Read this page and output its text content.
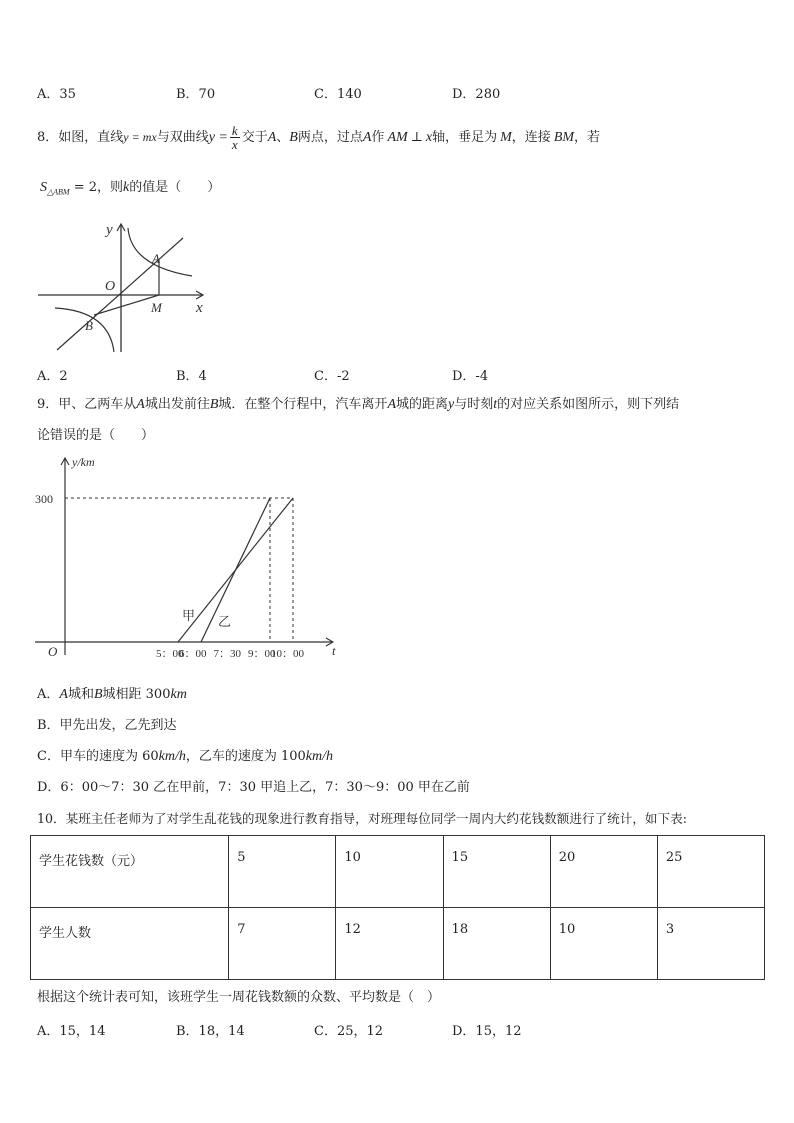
A．35	B．70	C．140	D．280
8．如图，直线y = mx与双曲线$y = \frac{k}{x}$ 交于A、B两点，过点A作 AM ⊥ x轴，垂足为 M，连接 BM，若
$S_{\triangle ABM} = 2$，则k的值是（　　）
y
x
O
A
B
M
A．2	B．4	C．-2	D．-4
9．甲、乙两车从A城出发前往B城．在整个行程中，汽车离开A城的距离y与时刻t的对应关系如图所示，则下列结
论错误的是（　　）
y/km
t
O
300
5：00
6：00 7：30 9：00
10：00
甲 乙
A．A城和B城相距 300km
B．甲先出发，乙先到达
C．甲车的速度为 60km/h，乙车的速度为 100km/h
D．6：00～7：30 乙在甲前，7：30 甲追上乙，7：30～9：00 甲在乙前
10．某班主任老师为了对学生乱花钱的现象进行教育指导，对班理每位同学一周内大约花钱数额进行了统计，如下表:
学生花钱数（元）	5	10	15	20	25
学生人数	7	12	18	10	3
根据这个统计表可知，该班学生一周花钱数额的众数、平均数是（　）
A．15，14	B．18，14	C．25，12	D．15，12
